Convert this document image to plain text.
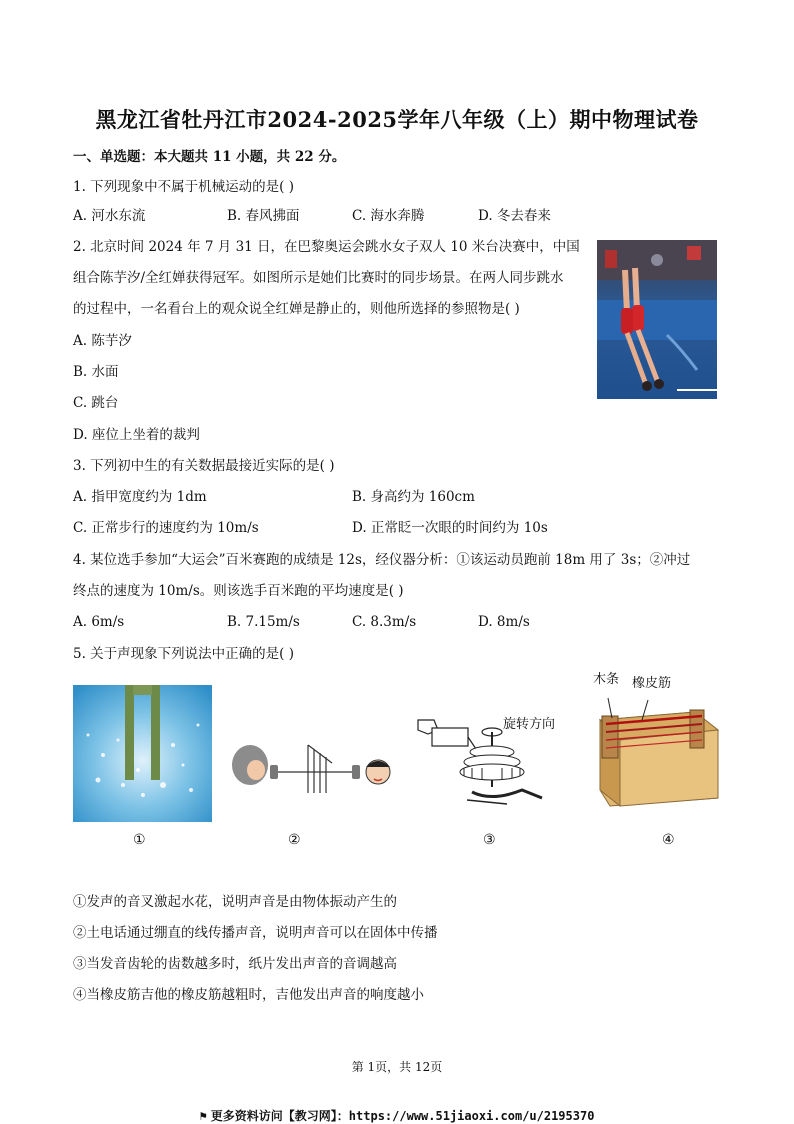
黑龙江省牡丹江市2024-2025学年八年级（上）期中物理试卷
一、单选题：本大题共 11 小题，共 22 分。
1. 下列现象中不属于机械运动的是( )
A. 河水东流	B. 春风拂面	C. 海水奔腾	D. 冬去春来
2. 北京时间 2024 年 7 月 31 日，在巴黎奥运会跳水女子双人 10 米台决赛中，中国
组合陈芋汐/全红婵获得冠军。如图所示是她们比赛时的同步场景。在两人同步跳水
的过程中，一名看台上的观众说全红婵是静止的，则他所选择的参照物是( )
A. 陈芋汐
B. 水面
C. 跳台
D. 座位上坐着的裁判
3. 下列初中生的有关数据最接近实际的是( )
A. 指甲宽度约为 1dm	B. 身高约为 160cm
C. 正常步行的速度约为 10m/s	D. 正常眨一次眼的时间约为 10s
4. 某位选手参加“大运会”百米赛跑的成绩是 12s，经仪器分析：①该运动员跑前 18m 用了 3s；②冲过
终点的速度为 10m/s。则该选手百米跑的平均速度是( )
A. 6m/s	B. 7.15m/s	C. 8.3m/s	D. 8m/s
5. 关于声现象下列说法中正确的是( )
旋转方向
木条 橡皮筋
①	②	③	④
①发声的音叉激起水花，说明声音是由物体振动产生的
②土电话通过绷直的线传播声音，说明声音可以在固体中传播
③当发音齿轮的齿数越多时，纸片发出声音的音调越高
④当橡皮筋吉他的橡皮筋越粗时，吉他发出声音的响度越小
第 1页，共 12页
⚑ 更多资料访问【教习网】：https://www.51jiaoxi.com/u/2195370
